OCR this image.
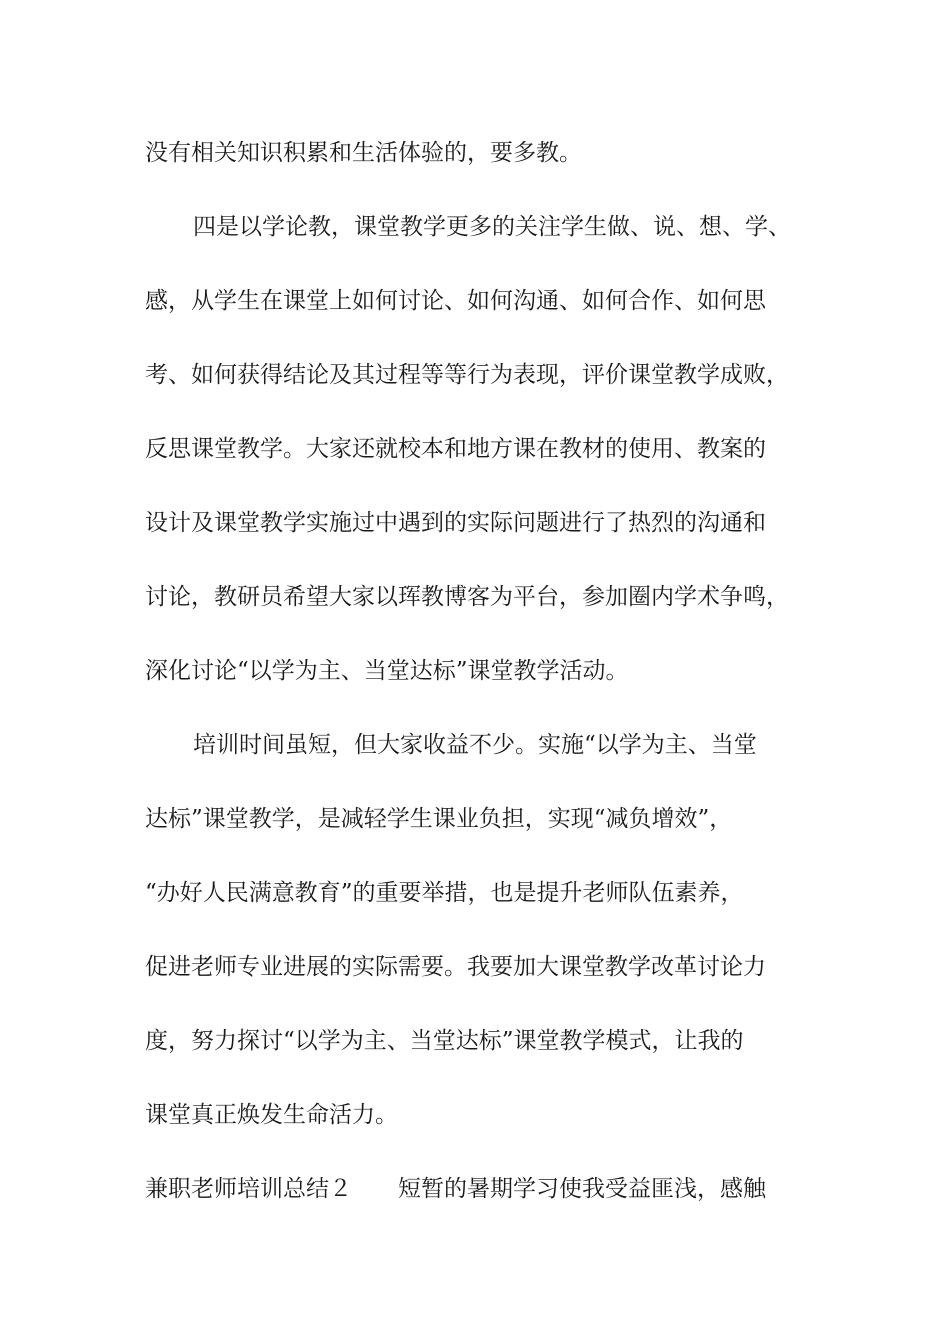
没有相关知识积累和生活体验的，要多教。
四是以学论教，课堂教学更多的关注学生做、说、想、学、
感，从学生在课堂上如何讨论、如何沟通、如何合作、如何思
考、如何获得结论及其过程等等行为表现，评价课堂教学成败，
反思课堂教学。大家还就校本和地方课在教材的使用、教案的
设计及课堂教学实施过中遇到的实际问题进行了热烈的沟通和
讨论，教研员希望大家以珲教博客为平台，参加圈内学术争鸣，
深化讨论“以学为主、当堂达标”课堂教学活动。
培训时间虽短，但大家收益不少。实施“以学为主、当堂
达标”课堂教学，是减轻学生课业负担，实现“减负增效”，
“办好人民满意教育”的重要举措，也是提升老师队伍素养，
促进老师专业进展的实际需要。我要加大课堂教学改革讨论力
度，努力探讨“以学为主、当堂达标”课堂教学模式，让我的
课堂真正焕发生命活力。
兼职老师培训总结２　　短暂的暑期学习使我受益匪浅，感触
